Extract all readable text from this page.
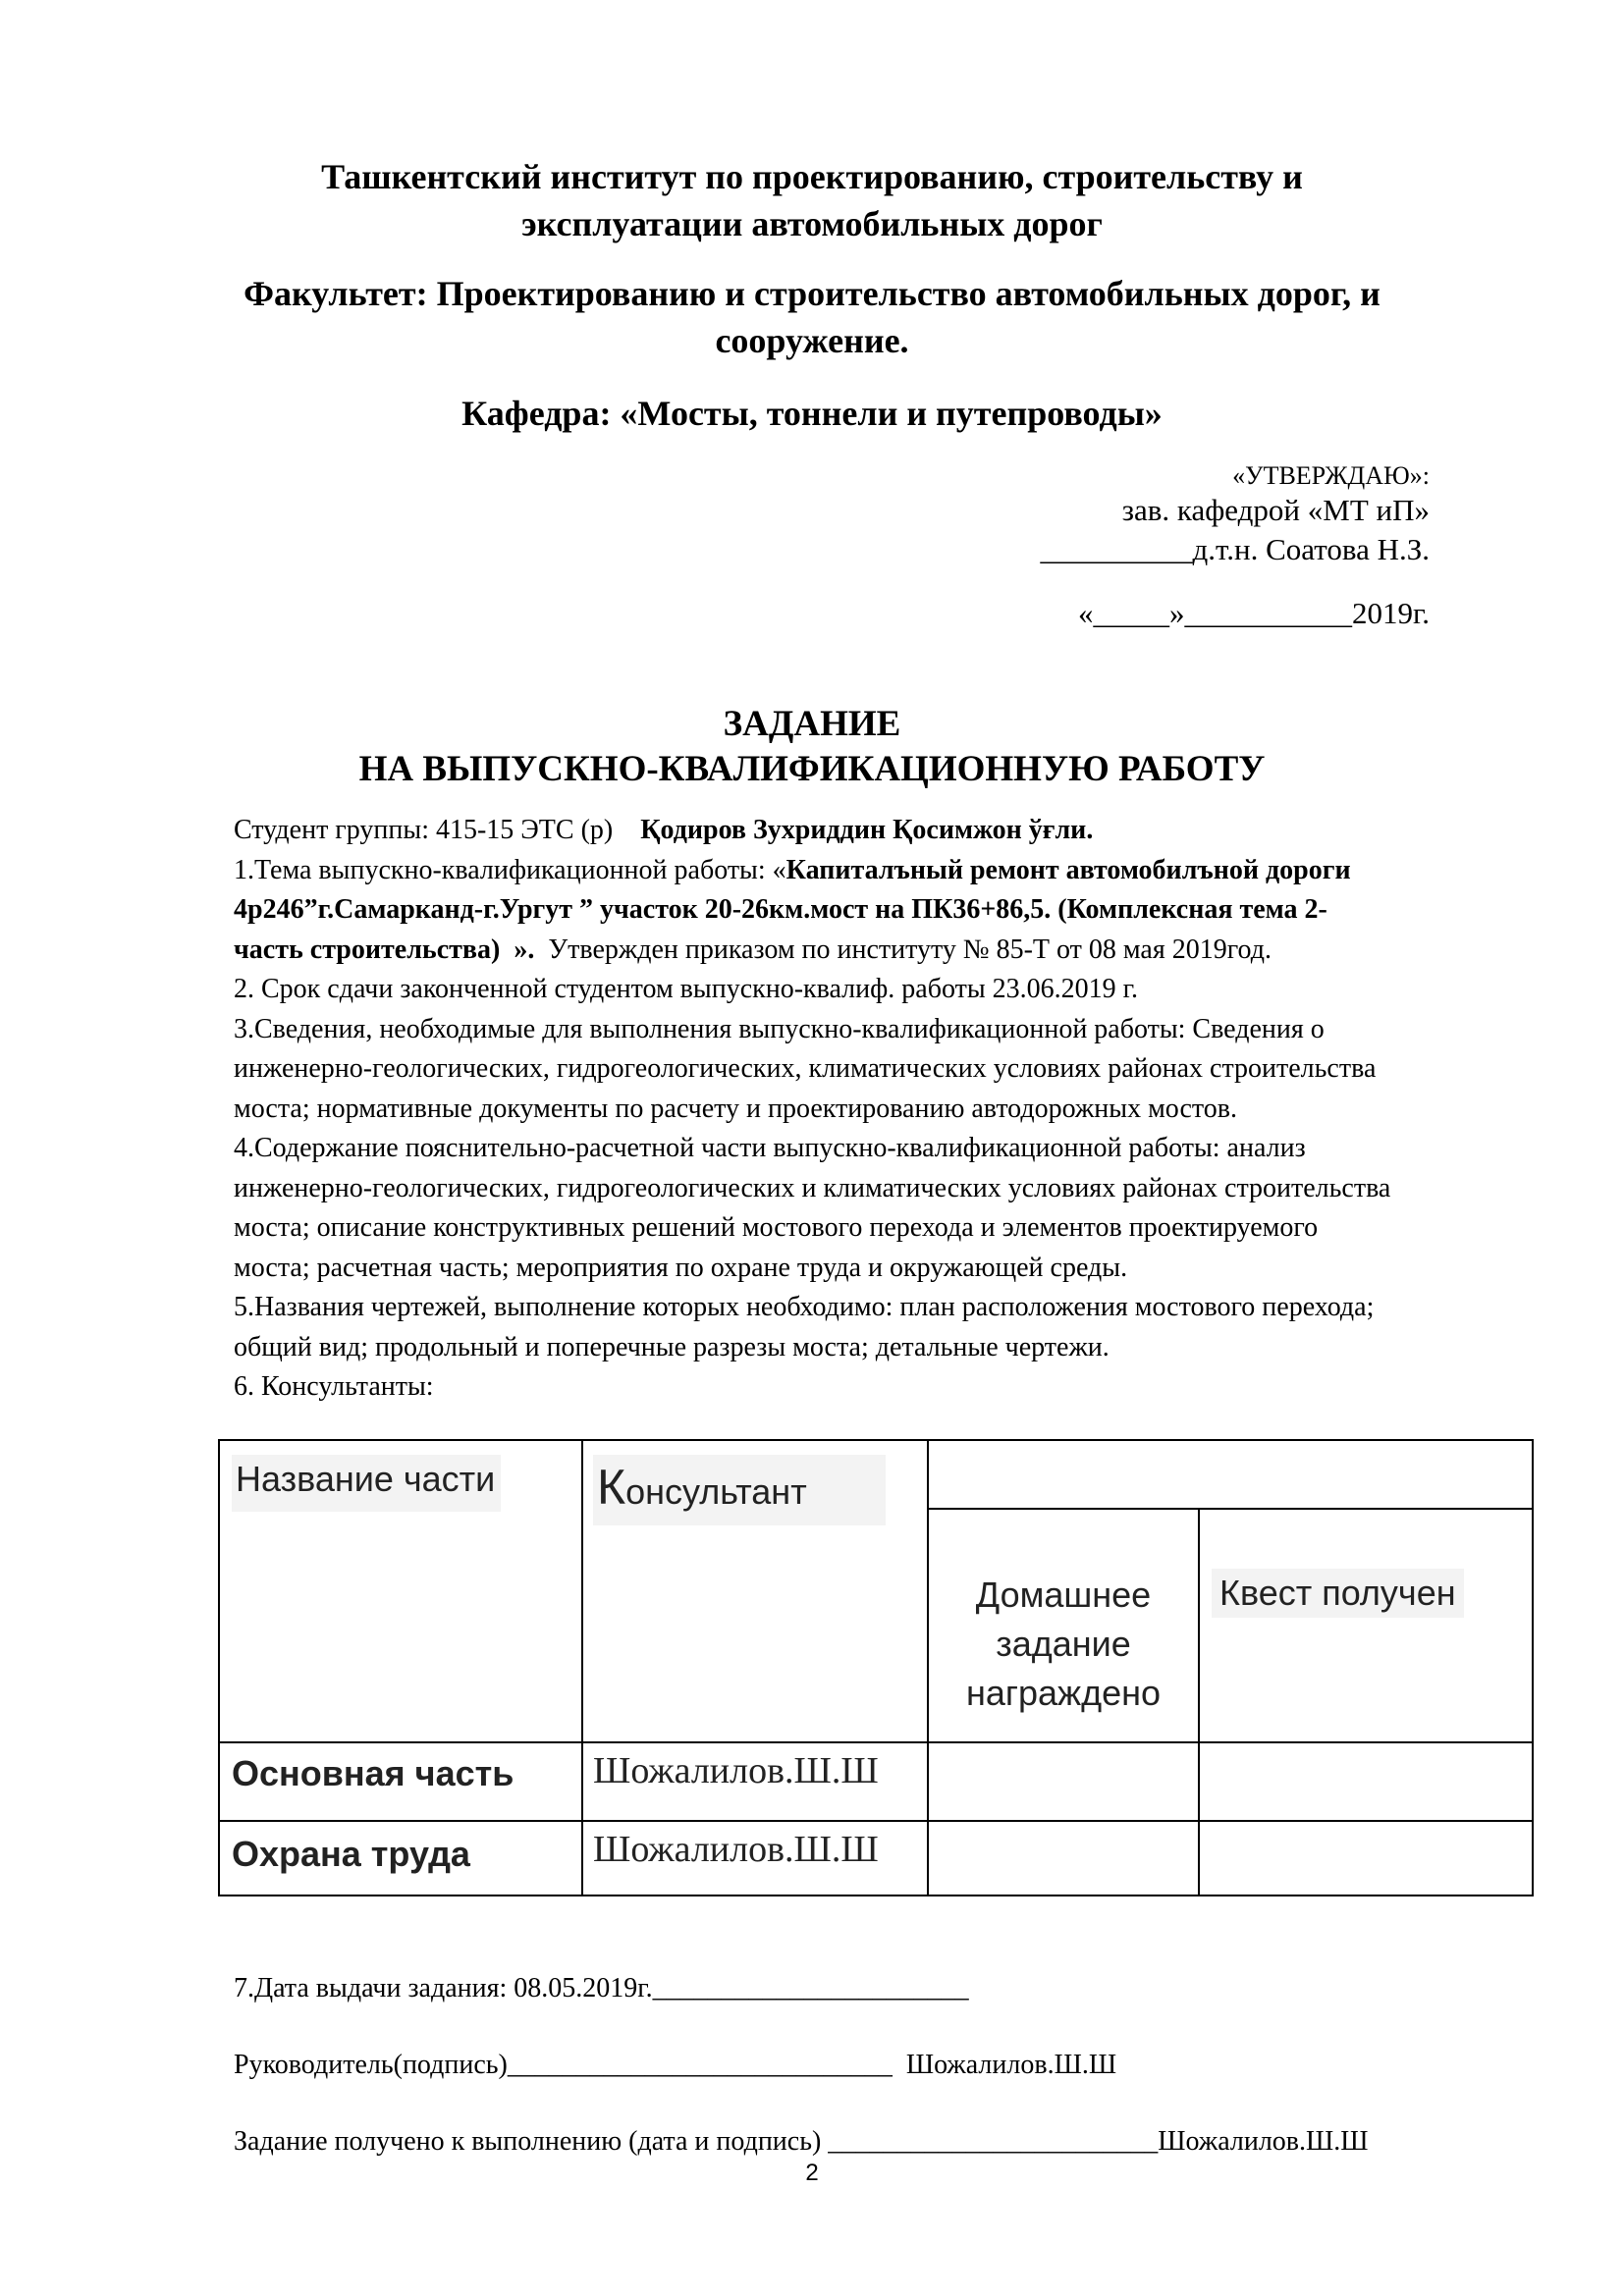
Ташкентский институт по проектированию, строительству и
эксплуатации автомобильных дорог
Факультет: Проектированию и строительство автомобильных дорог, и
сооружение.
Кафедра: «Мосты, тоннели и путепроводы»
«УТВЕРЖДАЮ»:
зав. кафедрой «МТ иП»
__________д.т.н. Соатова Н.З.
«_____»___________2019г.
ЗАДАНИЕ
НА ВЫПУСКНО-КВАЛИФИКАЦИОННУЮ РАБОТУ

Студент группы: 415-15 ЭТС (р)    Қодиров Зухриддин Қосимжон ўғли.

1.Тема выпускно-квалификационной работы: «Капиталъный ремонт автомобилъной дороги

4р246”г.Самарканд-г.Ургут ” участок 20-26км.мост на ПК36+86,5. (Комплексная тема 2-

часть строительства)  ».  Утвержден приказом по институту № 85-Т от 08 мая 2019год.

2. Срок сдачи законченной студентом выпускно-квалиф. работы 23.06.2019 г.

3.Сведения, необходимые для выполнения выпускно-квалификационной работы: Сведения о

инженерно-геологических, гидрогеологических, климатических условиях районах строительства

моста; нормативные документы по расчету и проектированию автодорожных мостов.

4.Содержание пояснительно-расчетной части выпускно-квалификационной работы: анализ

инженерно-геологических, гидрогеологических и климатических условиях районах строительства

моста; описание конструктивных решений мостового перехода и элементов проектируемого

моста; расчетная часть; мероприятия по охране труда и окружающей среды.

5.Названия чертежей, выполнение которых необходимо: план расположения мостового перехода;

общий вид; продольный и поперечные разрезы моста; детальные чертежи.

6. Консультанты:

Название части Консультант
Домашнее
задание
награждено
Квест получен
Основная часть Шожалилов.Ш.Ш
Охрана труда	Шожалилов.Ш.Ш
7.Дата выдачи задания: 08.05.2019г._______________________
Руководитель(подпись)____________________________  Шожалилов.Ш.Ш
Задание получено к выполнению (дата и подпись) ________________________Шожалилов.Ш.Ш
2
